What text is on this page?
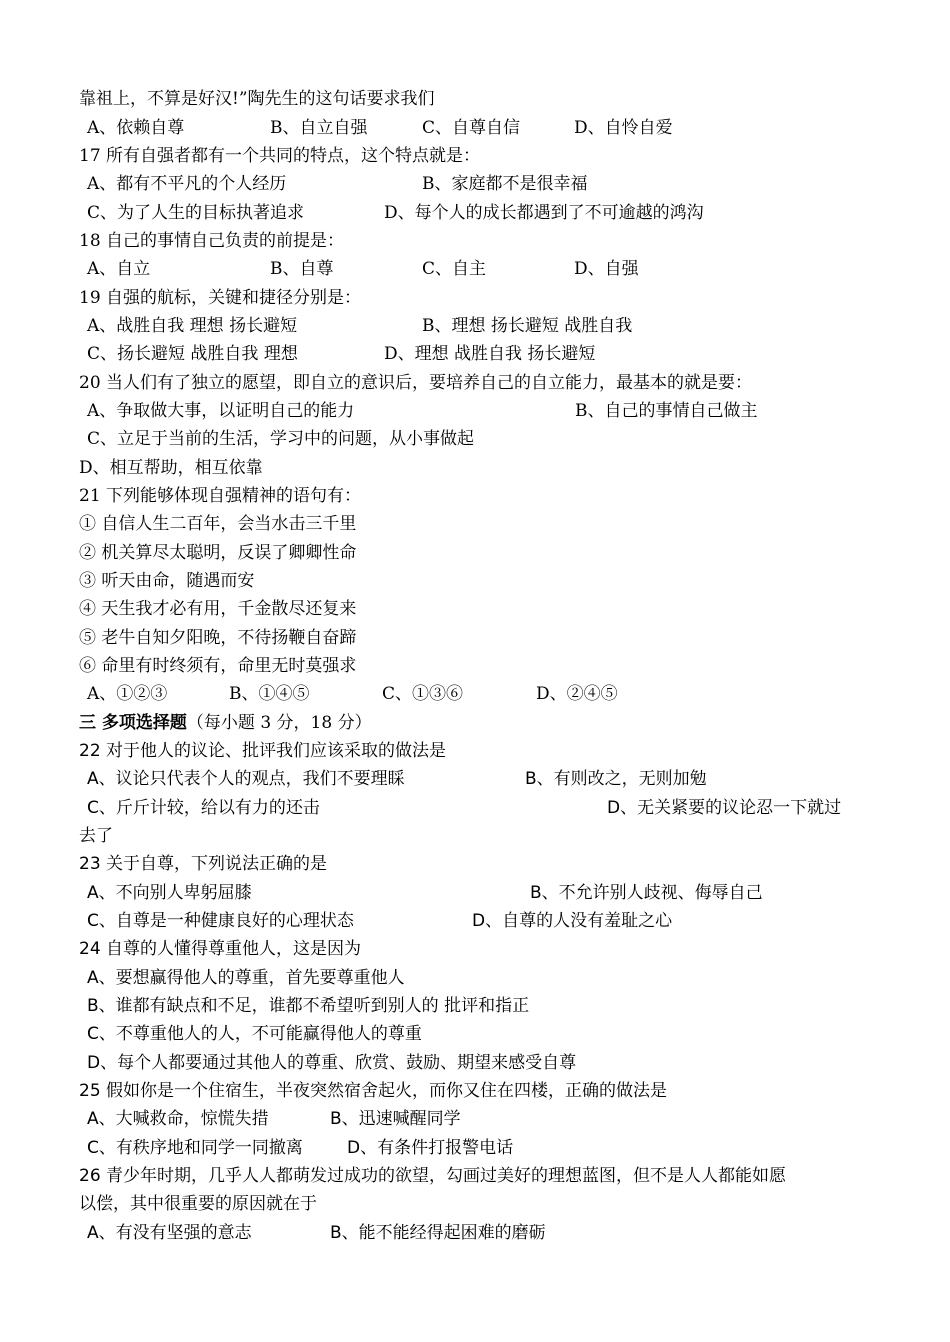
靠祖上，不算是好汉!”陶先生的这句话要求我们
A、依赖自尊	B、自立自强	C、自尊自信	D、自怜自爱
17 所有自强者都有一个共同的特点，这个特点就是：
A、都有不平凡的个人经历	B、家庭都不是很幸福
C、为了人生的目标执著追求	D、每个人的成长都遇到了不可逾越的鸿沟
18 自己的事情自己负责的前提是：
A、自立	B、自尊	C、自主	D、自强
19 自强的航标，关键和捷径分别是：
A、战胜自我 理想 扬长避短	B、理想 扬长避短 战胜自我
C、扬长避短 战胜自我 理想	D、理想 战胜自我 扬长避短
20 当人们有了独立的愿望，即自立的意识后，要培养自己的自立能力，最基本的就是要：
A、争取做大事，以证明自己的能力	B、自己的事情自己做主
C、立足于当前的生活，学习中的问题，从小事做起
D、相互帮助，相互依靠
21 下列能够体现自强精神的语句有：
① 自信人生二百年，会当水击三千里
② 机关算尽太聪明，反误了卿卿性命
③ 听天由命，随遇而安
④ 天生我才必有用，千金散尽还复来
⑤ 老牛自知夕阳晚，不待扬鞭自奋蹄
⑥ 命里有时终须有，命里无时莫强求
A、①②③	B、①④⑤	C、①③⑥	D、②④⑤
三 多项选择题（每小题 3 分，18 分）
22 对于他人的议论、批评我们应该采取的做法是
A、议论只代表个人的观点，我们不要理睬	B、有则改之，无则加勉
C、斤斤计较，给以有力的还击	D、无关紧要的议论忍一下就过
去了
23 关于自尊，下列说法正确的是
A、不向别人卑躬屈膝	B、不允许别人歧视、侮辱自己
C、自尊是一种健康良好的心理状态	D、自尊的人没有羞耻之心
24 自尊的人懂得尊重他人，这是因为
A、要想赢得他人的尊重，首先要尊重他人
B、谁都有缺点和不足，谁都不希望听到别人的 批评和指正
C、不尊重他人的人，不可能赢得他人的尊重
D、每个人都要通过其他人的尊重、欣赏、鼓励、期望来感受自尊
25 假如你是一个住宿生，半夜突然宿舍起火，而你又住在四楼，正确的做法是
A、大喊救命，惊慌失措	B、迅速喊醒同学
C、有秩序地和同学一同撤离	D、有条件打报警电话
26 青少年时期，几乎人人都萌发过成功的欲望，勾画过美好的理想蓝图，但不是人人都能如愿
以偿，其中很重要的原因就在于
A、有没有坚强的意志	B、能不能经得起困难的磨砺
